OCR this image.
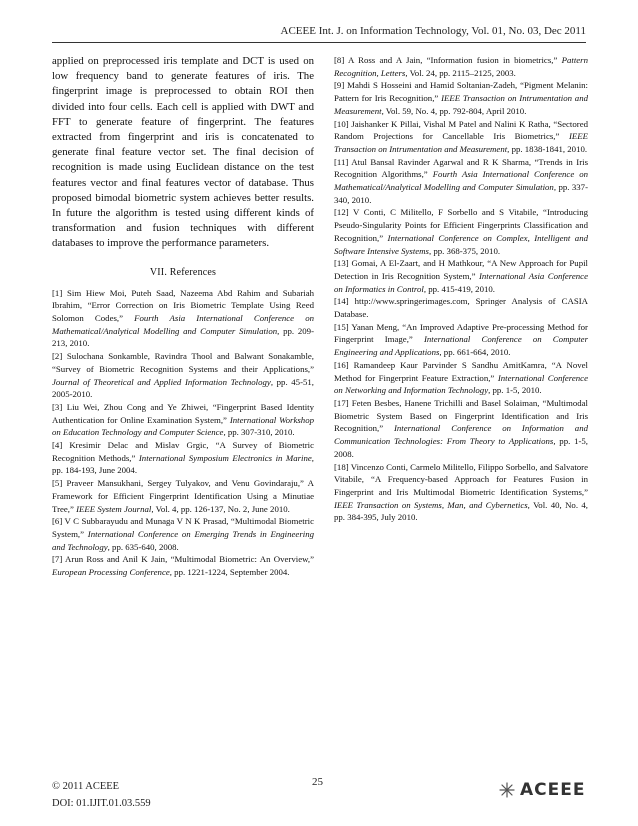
ACEEE Int. J. on Information Technology, Vol. 01, No. 03, Dec 2011

applied on preprocessed iris template and DCT is used on low frequency band to generate features of iris. The fingerprint image is preprocessed to obtain ROI then divided into four cells. Each cell is applied with DWT and FFT to generate feature of fingerprint. The features extracted from fingerprint and iris is concatenated to generate final feature vector set. The final decision of recognition is made using Euclidean distance on the test features vector and final features vector of database. Thus proposed bimodal biometric system achieves better results. In future the algorithm is tested using different kinds of transformation and fusion techniques with different databases to improve the performance parameters.

VII. References

[1] Sim Hiew Moi, Puteh Saad, Nazeema Abd Rahim and Subariah Ibrahim, “Error Correction on Iris Biometric Template Using Reed Solomon Codes,” Fourth Asia International Conference on Mathematical/Analytical Modelling and Computer Simulation, pp. 209-213, 2010.

[2] Sulochana Sonkamble, Ravindra Thool and Balwant Sonakamble, “Survey of Biometric Recognition Systems and their Applications,” Journal of Theoretical and Applied Information Technology, pp. 45-51, 2005-2010.

[3] Liu Wei, Zhou Cong and Ye Zhiwei, “Fingerprint Based Identity Authentication for Online Examination System,” International Workshop on Education Technology and Computer Science, pp. 307-310, 2010.

[4] Kresimir Delac and Mislav Grgic, “A Survey of Biometric Recognition Methods,” International Symposium Electronics in Marine, pp. 184-193, June 2004.

[5] Praveer Mansukhani, Sergey Tulyakov, and Venu Govindaraju,” A Framework for Efficient Fingerprint Identification Using a Minutiae Tree,” IEEE System Journal, Vol. 4, pp. 126-137, No. 2, June 2010.

[6] V C Subbarayudu and Munaga V N K Prasad, “Multimodal Biometric System,” International Conference on Emerging Trends in Engineering and Technology, pp. 635-640, 2008.

[7] Arun Ross and Anil K Jain, “Multimodal Biometric: An Overview,” European Processing Conference, pp. 1221-1224, September 2004.

[8] A Ross and A Jain, “Information fusion in biometrics,” Pattern Recognition, Letters, Vol. 24, pp. 2115–2125, 2003.

[9] Mahdi S Hosseini and Hamid Soltanian-Zadeh, “Pigment Melanin: Pattern for Iris Recognition,” IEEE Transaction on Intrumentation and Measurement, Vol. 59, No. 4, pp. 792-804, April 2010.

[10] Jaishanker K Pillai, Vishal M Patel and Nalini K Ratha, “Sectored Random Projections for Cancellable Iris Biometrics,” IEEE Transaction on Intrumentation and Measurement, pp. 1838-1841, 2010.

[11] Atul Bansal Ravinder Agarwal and R K Sharma, “Trends in Iris Recognition Algorithms,” Fourth Asia International Conference on Mathematical/Analytical Modelling and Computer Simulation, pp. 337-340, 2010.

[12] V Conti, C Militello, F Sorbello and S Vitabile, “Introducing Pseudo-Singularity Points for Efficient Fingerprints Classification and Recognition,” International Conference on Complex, Intelligent and Software Intensive Systems, pp. 368-375, 2010.

[13] Gomai, A El-Zaart, and H Mathkour, “A New Approach for Pupil Detection in Iris Recognition System,” International Asia Conference on Informatics in Control, pp. 415-419, 2010.

[14] http://www.springerimages.com, Springer Analysis of CASIA Database.

[15] Yanan Meng, “An Improved Adaptive Pre-processing Method for Fingerprint Image,” International Conference on Computer Engineering and Applications, pp. 661-664, 2010.

[16] Ramandeep Kaur Parvinder S Sandhu AmitKamra, “A Novel Method for Fingerprint Feature Extraction,” International Conference on Networking and Information Technology, pp. 1-5, 2010.

[17] Feten Besbes, Hanene Trichilli and Basel Solaiman, “Multimodal Biometric System Based on Fingerprint Identification and Iris Recognition,” International Conference on Information and Communication Technologies: From Theory to Applications, pp. 1-5, 2008.

[18] Vincenzo Conti, Carmelo Militello, Filippo Sorbello, and Salvatore Vitabile, “A Frequency-based Approach for Features Fusion in Fingerprint and Iris Multimodal Biometric Identification Systems,” IEEE Transaction on Systems, Man, and Cybernetics, Vol. 40, No. 4, pp. 384-395, July 2010.

© 2011 ACEEE
DOI: 01.IJIT.01.03.559
25	ACEEE
